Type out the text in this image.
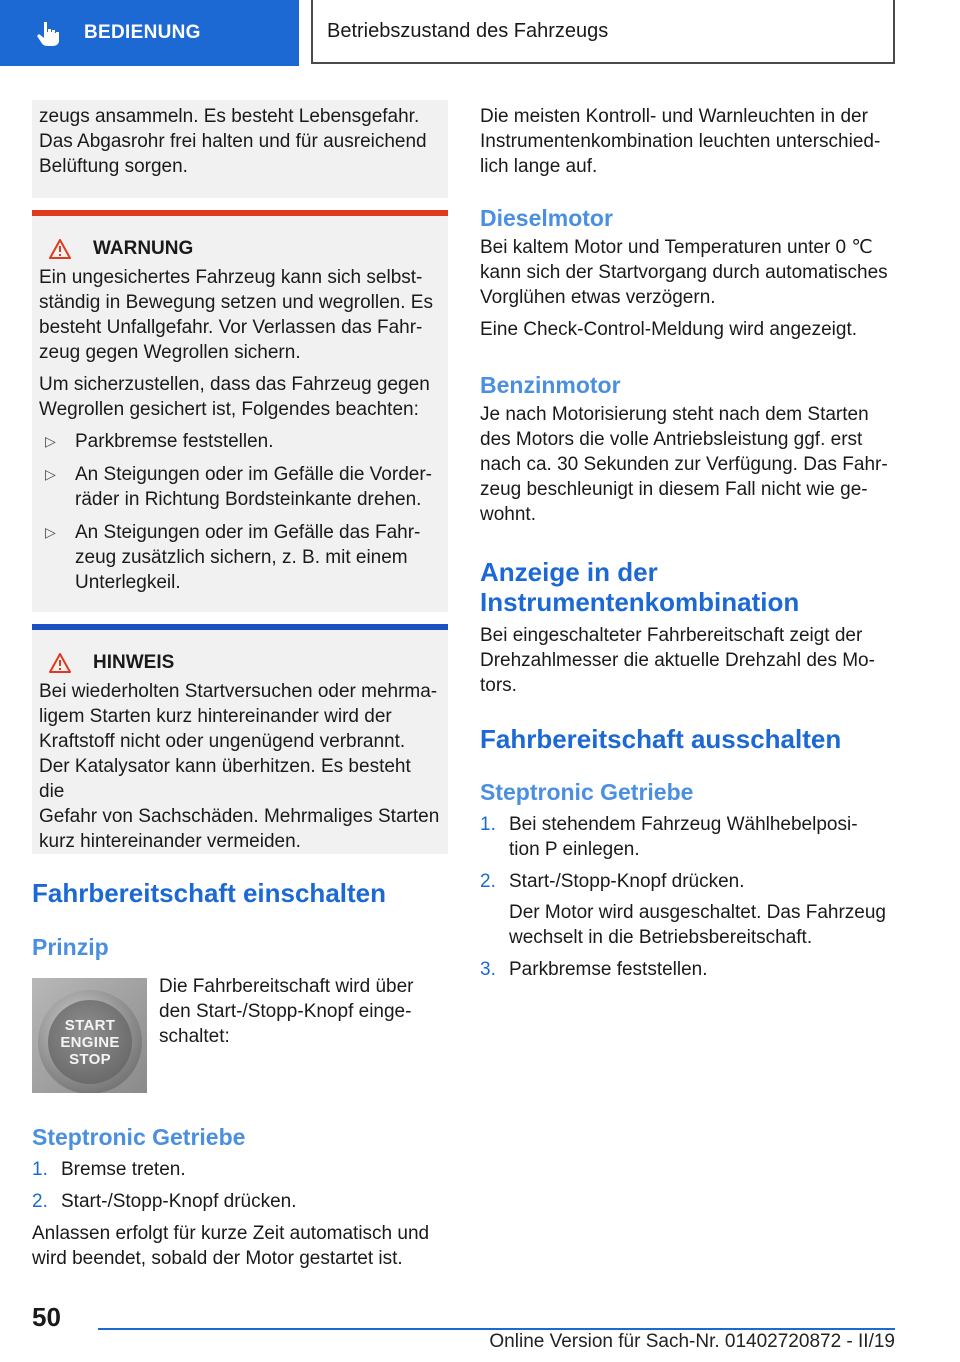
BEDIENUNG	Betriebszustand des Fahrzeugs

zeugs ansammeln. Es besteht Lebensgefahr.

Das Abgasrohr frei halten und für ausreichend

Belüftung sorgen.

WARNUNG

Ein ungesichertes Fahrzeug kann sich selbst-

ständig in Bewegung setzen und wegrollen. Es

besteht Unfallgefahr. Vor Verlassen das Fahr-

zeug gegen Wegrollen sichern.

Um sicherzustellen, dass das Fahrzeug gegen

Wegrollen gesichert ist, Folgendes beachten:

▷	Parkbremse feststellen.

▷	An Steigungen oder im Gefälle die Vorder-

räder in Richtung Bordsteinkante drehen.

▷	An Steigungen oder im Gefälle das Fahr-

zeug zusätzlich sichern, z. B. mit einem

Unterlegkeil.

HINWEIS

Bei wiederholten Startversuchen oder mehrma-

ligem Starten kurz hintereinander wird der

Kraftstoff nicht oder ungenügend verbrannt.

Der Katalysator kann überhitzen. Es besteht die

Gefahr von Sachschäden. Mehrmaliges Starten

kurz hintereinander vermeiden.

Fahrbereitschaft einschalten
Prinzip
START
ENGINE
STOP

Die Fahrbereitschaft wird über

den Start-/Stopp-Knopf einge-

schaltet:

Steptronic Getriebe
1. Bremse treten.
2. Start-/Stopp-Knopf drücken.

Anlassen erfolgt für kurze Zeit automatisch und

wird beendet, sobald der Motor gestartet ist.

Die meisten Kontroll- und Warnleuchten in der

Instrumentenkombination leuchten unterschied-

lich lange auf.

Dieselmotor

Bei kaltem Motor und Temperaturen unter 0 ℃

kann sich der Startvorgang durch automatisches

Vorglühen etwas verzögern.

Eine Check-Control-Meldung wird angezeigt.

Benzinmotor

Je nach Motorisierung steht nach dem Starten

des Motors die volle Antriebsleistung ggf. erst

nach ca. 30 Sekunden zur Verfügung. Das Fahr-

zeug beschleunigt in diesem Fall nicht wie ge-

wohnt.

Anzeige in der
Instrumentenkombination

Bei eingeschalteter Fahrbereitschaft zeigt der

Drehzahlmesser die aktuelle Drehzahl des Mo-

tors.

Fahrbereitschaft ausschalten
Steptronic Getriebe
1. Bei stehendem Fahrzeug Wählhebelposi-

tion P einlegen.

2. Start-/Stopp-Knopf drücken.

Der Motor wird ausgeschaltet. Das Fahrzeug

wechselt in die Betriebsbereitschaft.

3. Parkbremse feststellen.

50
Online Version für Sach-Nr. 01402720872 - II/19
